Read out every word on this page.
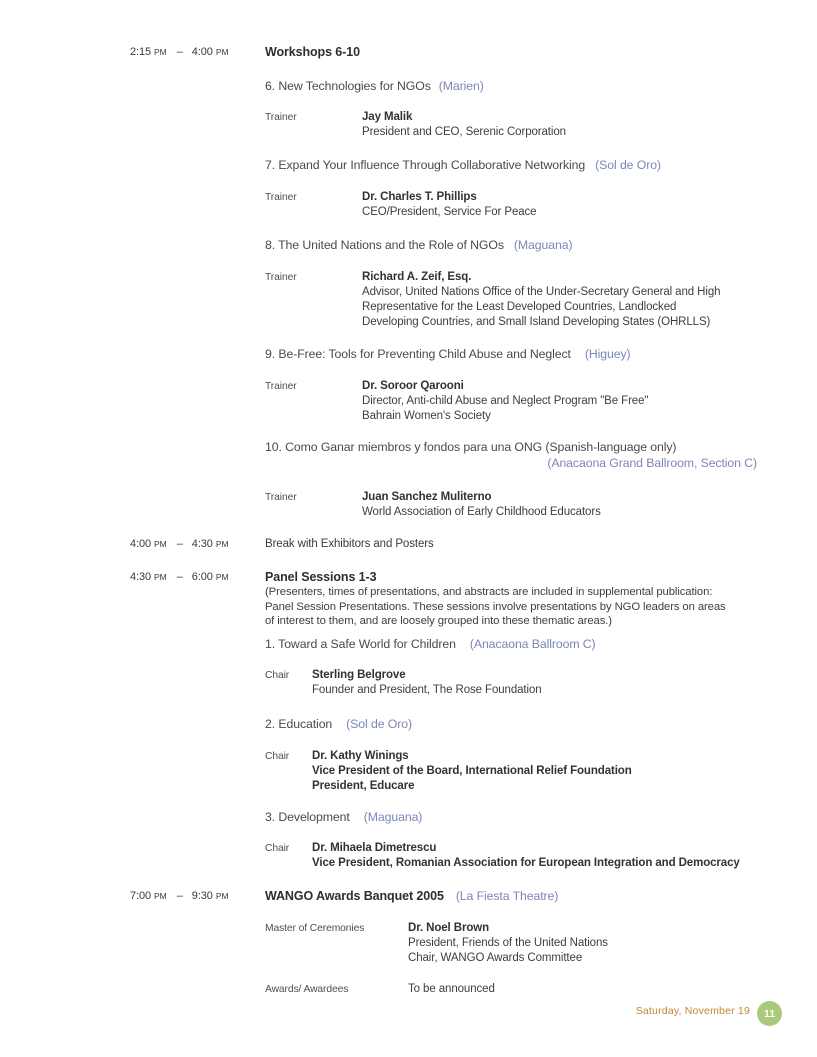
2:15 PM – 4:00 PM	Workshops 6-10
6. New Technologies for NGOs (Marien)
Trainer	Jay Malik
President and CEO, Serenic Corporation
7. Expand Your Influence Through Collaborative Networking (Sol de Oro)
Trainer	Dr. Charles T. Phillips
CEO/President, Service For Peace
8. The United Nations and the Role of NGOs (Maguana)
Trainer	Richard A. Zeif, Esq.
Advisor, United Nations Office of the Under-Secretary General and High
Representative for the Least Developed Countries, Landlocked
Developing Countries, and Small Island Developing States (OHRLLS)
9. Be-Free: Tools for Preventing Child Abuse and Neglect (Higuey)
Trainer	Dr. Soroor Qarooni
Director, Anti-child Abuse and Neglect Program "Be Free"
Bahrain Women's Society
10. Como Ganar miembros y fondos para una ONG (Spanish-language only)
(Anacaona Grand Ballroom, Section C)
Trainer	Juan Sanchez Muliterno
World Association of Early Childhood Educators
4:00 PM – 4:30 PM	Break with Exhibitors and Posters
4:30 PM – 6:00 PM	Panel Sessions 1-3
(Presenters, times of presentations, and abstracts are included in supplemental publication:
Panel Session Presentations. These sessions involve presentations by NGO leaders on areas
of interest to them, and are loosely grouped into these thematic areas.)
1. Toward a Safe World for Children (Anacaona Ballroom C)
Chair Sterling Belgrove
Founder and President, The Rose Foundation
2. Education (Sol de Oro)
Chair Dr. Kathy Winings
Vice President of the Board, International Relief Foundation
President, Educare
3. Development (Maguana)
Chair Dr. Mihaela Dimetrescu
Vice President, Romanian Association for European Integration and Democracy
7:00 PM – 9:30 PM	WANGO Awards Banquet 2005 (La Fiesta Theatre)
Master of Ceremonies	Dr. Noel Brown
President, Friends of the United Nations
Chair, WANGO Awards Committee
Awards/ Awardees	To be announced
Saturday, November 19 11
